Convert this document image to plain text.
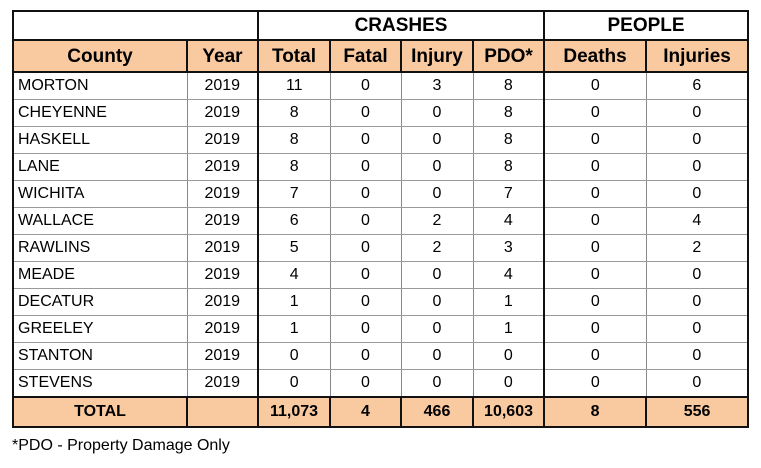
		CRASHES				PEOPLE	
County	Year	Total	Fatal	Injury	PDO*	Deaths	Injuries
MORTON	2019	11	0	3	8	0	6
CHEYENNE	2019	8	0	0	8	0	0
HASKELL	2019	8	0	0	8	0	0
LANE	2019	8	0	0	8	0	0
WICHITA	2019	7	0	0	7	0	0
WALLACE	2019	6	0	2	4	0	4
RAWLINS	2019	5	0	2	3	0	2
MEADE	2019	4	0	0	4	0	0
DECATUR	2019	1	0	0	1	0	0
GREELEY	2019	1	0	0	1	0	0
STANTON	2019	0	0	0	0	0	0
STEVENS	2019	0	0	0	0	0	0
TOTAL		11,073	4	466	10,603	8	556
*PDO - Property Damage Only
